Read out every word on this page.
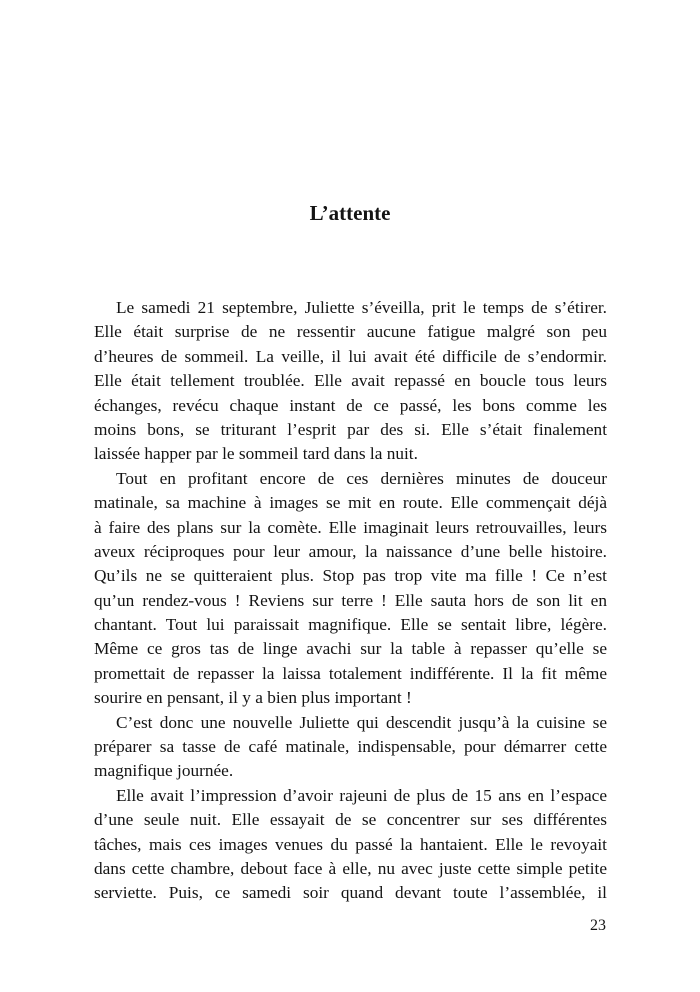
L’attente
Le samedi 21 septembre, Juliette s’éveilla, prit le temps de s’étirer.
Elle était surprise de ne ressentir aucune fatigue malgré son peu
d’heures de sommeil. La veille, il lui avait été difficile de s’endormir.
Elle était tellement troublée. Elle avait repassé en boucle tous leurs
échanges, revécu chaque instant de ce passé, les bons comme les
moins bons, se triturant l’esprit par des si. Elle s’était finalement
laissée happer par le sommeil tard dans la nuit.
Tout en profitant encore de ces dernières minutes de douceur
matinale, sa machine à images se mit en route. Elle commençait déjà
à faire des plans sur la comète. Elle imaginait leurs retrouvailles, leurs
aveux réciproques pour leur amour, la naissance d’une belle histoire.
Qu’ils ne se quitteraient plus. Stop pas trop vite ma fille ! Ce n’est
qu’un rendez-vous ! Reviens sur terre ! Elle sauta hors de son lit en
chantant. Tout lui paraissait magnifique. Elle se sentait libre, légère.
Même ce gros tas de linge avachi sur la table à repasser qu’elle se
promettait de repasser la laissa totalement indifférente. Il la fit même
sourire en pensant, il y a bien plus important !
C’est donc une nouvelle Juliette qui descendit jusqu’à la cuisine se
préparer sa tasse de café matinale, indispensable, pour démarrer cette
magnifique journée.
Elle avait l’impression d’avoir rajeuni de plus de 15 ans en l’espace
d’une seule nuit. Elle essayait de se concentrer sur ses différentes
tâches, mais ces images venues du passé la hantaient. Elle le revoyait
dans cette chambre, debout face à elle, nu avec juste cette simple petite
serviette. Puis, ce samedi soir quand devant toute l’assemblée, il
23
